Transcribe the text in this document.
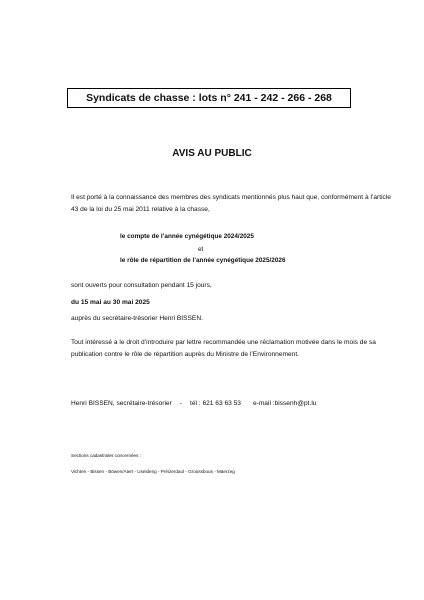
Syndicats de chasse : lots n° 241 - 242 - 266 - 268
AVIS AU PUBLIC
Il est porté à la connaissance des membres des syndicats mentionnés plus haut que, conformément à l’article 43 de la loi du 25 mai 2011 relative à la chasse,
le compte de l’année cynégétique 2024/2025
et
le rôle de répartition de l’année cynégétique 2025/2026
sont ouverts pour consultation pendant 15 jours,
du 15 mai au 30 mai 2025
auprès du secrétaire-trésorier Henri BISSEN.
Tout intéressé a le droit d’introduire par lettre recommandée une réclamation motivée dans le mois de sa publication contre le rôle de répartition auprès du Ministre de l’Environnement.
Henri BISSEN, secrétaire-trésorier - tél : 621 63 63 53 e-mail :bissenh@pt.lu
Sections cadastrales concernées :
Vichten - Bissen - Böwen/Atert - Useldeng - Préizerdaul - Groussbous - Mäerzeg
